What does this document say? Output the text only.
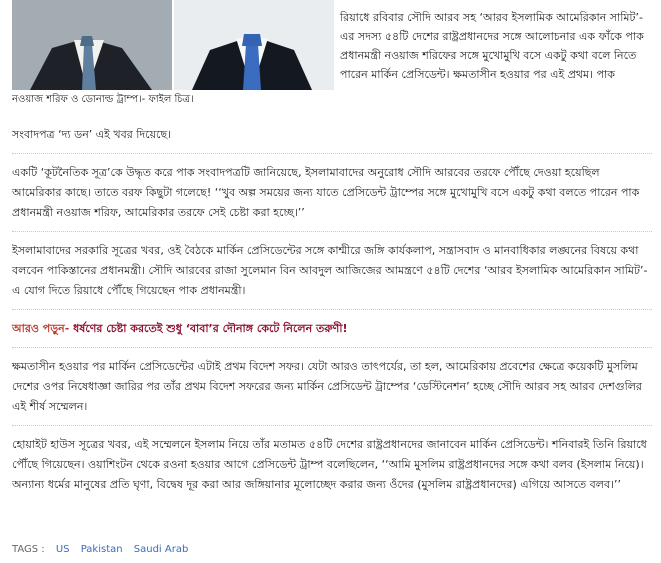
নওয়াজ শরিফ ও ডোনাল্ড ট্রাম্প।- ফাইল চিত্র।

রিয়াধে রবিবার সৌদি আরব সহ ‘আরব ইসলামিক আমেরিকান সামিট’-এর সদস্য ৫৪টি দেশের রাষ্ট্রপ্রধানদের সঙ্গে আলোচনার এক ফাঁকে পাক প্রধানমন্ত্রী নওয়াজ শরিফের সঙ্গে মুখোমুখি বসে একটু কথা বলে নিতে পারেন মার্কিন প্রেসিডেন্ট। ক্ষমতাসীন হওয়ার পর এই প্রথম। পাক

সংবাদপত্র ‘দ্য ডন’ এই খবর দিয়েছে।

একটি ‘কূটনৈতিক সূত্র’কে উদ্ধৃত করে পাক সংবাদপত্রটি জানিয়েছে, ইসলামাবাদের অনুরোধ সৌদি আরবের তরফে পৌঁছে দেওয়া হয়েছিল আমেরিকার কাছে। তাতে বরফ কিছুটা গলেছে! ‘‘খুব অল্প সময়ের জন্য যাতে প্রেসিডেন্ট ট্রাম্পের সঙ্গে মুখোমুখি বসে একটু কথা বলতে পারেন পাক প্রধানমন্ত্রী নওয়াজ শরিফ, আমেরিকার তরফে সেই চেষ্টা করা হচ্ছে।’’

ইসলামাবাদের সরকারি সূত্রের খবর, ওই বৈঠকে মার্কিন প্রেসিডেন্টের সঙ্গে কাশ্মীরে জঙ্গি কার্যকলাপ, সন্ত্রাসবাদ ও মানবাধিকার লঙ্ঘনের বিষয়ে কথা বলবেন পাকিস্তানের প্রধানমন্ত্রী। সৌদি আরবের রাজা সুলেমান বিন আবদুল আজিজের আমন্ত্রণে ৫৪টি দেশের ‘আরব ইসলামিক আমেরিকান সামিট’-এ যোগ দিতে রিয়াধে পৌঁছে গিয়েছেন পাক প্রধানমন্ত্রী।

আরও পড়ুন- ধর্ষণের চেষ্টা করতেই শুধু ‘বাবা’র দৌনাঙ্গ কেটে নিলেন তরুণী!

ক্ষমতাসীন হওয়ার পর মার্কিন প্রেসিডেন্টের এটাই প্রথম বিদেশ সফর। যেটা আরও তাৎপর্যের, তা হল, আমেরিকায় প্রবেশের ক্ষেত্রে কয়েকটি মুসলিম দেশের ওপর নিষেধাজ্ঞা জারির পর তাঁর প্রথম বিদেশ সফরের জন্য মার্কিন প্রেসিডেন্ট ট্রাম্পের ‘ডেস্টিনেশন’ হচ্ছে সৌদি আরব সহ আরব দেশগুলির এই শীর্ষ সম্মেলন।

হোয়াইট হাউস সূত্রের খবর, এই সম্মেলনে ইসলাম নিয়ে তাঁর মতামত ৫৪টি দেশের রাষ্ট্রপ্রধানদের জানাবেন মার্কিন প্রেসিডেন্ট। শনিবারই তিনি রিয়াধে পৌঁছে গিয়েছেন। ওয়াশিংটন থেকে রওনা হওয়ার আগে প্রেসিডেন্ট ট্রাম্প বলেছিলেন, ‘‘আমি মুসলিম রাষ্ট্রপ্রধানদের সঙ্গে কথা বলব (ইসলাম নিয়ে)। অন্যান্য ধর্মের মানুষের প্রতি ঘৃণা, বিদ্বেষ দূর করা আর জঙ্গিয়ানার মূলোচ্ছেদ করার জন্য ওঁদের (মুসলিম রাষ্ট্রপ্রধানদের) এগিয়ে আসতে বলব।’’

TAGS : US Pakistan Saudi Arab
